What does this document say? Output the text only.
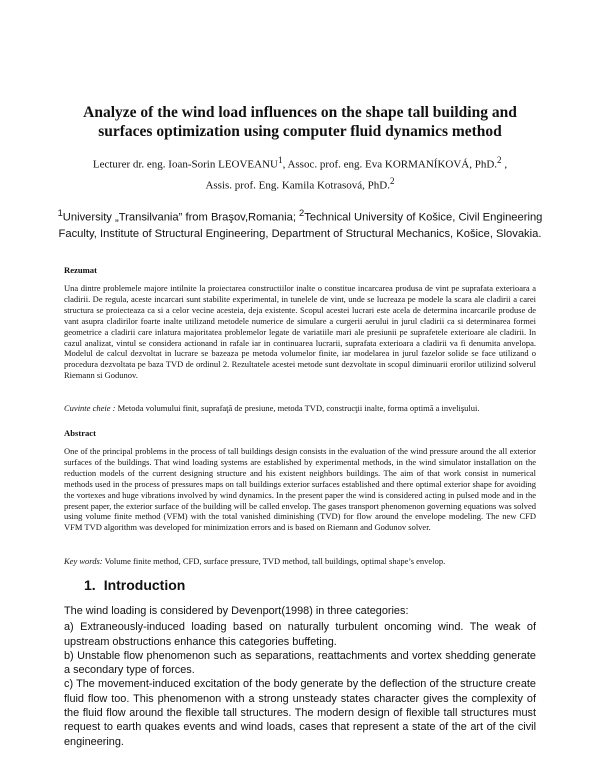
Analyze of the wind load influences on the shape tall building and surfaces optimization using computer fluid dynamics method
Lecturer dr. eng. Ioan-Sorin LEOVEANU$^1$, Assoc. prof. eng. Eva KORMANÍKOVÁ, PhD.$^2$ ,
Assis. prof. Eng. Kamila Kotrasová, PhD.$^2$
$^1$University „Transilvania” from Braşov,Romania; $^2$Technical University of Košice, Civil Engineering Faculty, Institute of Structural Engineering, Department of Structural Mechanics, Košice, Slovakia.
Rezumat

Una dintre problemele majore intilnite la proiectarea constructiilor inalte o constitue incarcarea produsa de vint pe suprafata exterioara a cladirii. De regula, aceste incarcari sunt stabilite experimental, in tunelele de vint, unde se lucreaza pe modele la scara ale cladirii a carei structura se proiecteaza ca si a celor vecine acesteia, deja existente. Scopul acestei lucrari este acela de determina incarcarile produse de vant asupra cladirilor foarte inalte utilizand metodele numerice de simulare a curgerii aerului in jurul cladirii ca si determinarea formei geometrice a cladirii care inlatura majoritatea problemelor legate de variatiile mari ale presiunii pe suprafetele exterioare ale cladirii. In cazul analizat, vintul se considera actionand in rafale iar in continuarea lucrarii, suprafata exterioara a cladirii va fi denumita anvelopa. Modelul de calcul dezvoltat in lucrare se bazeaza pe metoda volumelor finite, iar modelarea in jurul fazelor solide se face utilizand o procedura dezvoltata pe baza TVD de ordinul 2. Rezultatele acestei metode sunt dezvoltate in scopul diminuarii erorilor utilizind solverul Riemann si Godunov.

Cuvinte cheie : Metoda volumului finit, suprafaţă de presiune, metoda TVD, construcţii inalte, forma optimă a invelişului.

Abstract

One of the principal problems in the process of tall buildings design consists in the evaluation of the wind pressure around the all exterior surfaces of the buildings. That wind loading systems are established by experimental methods, in the wind simulator installation on the reduction models of the current designing structure and his existent neighbors buildings. The aim of that work consist in numerical methods used in the process of pressures maps on tall buildings exterior surfaces established and there optimal exterior shape for avoiding the vortexes and huge vibrations involved by wind dynamics. In the present paper the wind is considered acting in pulsed mode and in the present paper, the exterior surface of the building will be called envelop. The gases transport phenomenon governing equations was solved using volume finite method (VFM) with the total vanished diminishing (TVD) for flow around the envelope modeling. The new CFD VFM TVD algorithm was developed for minimization errors and is based on Riemann and Godunov solver.

Key words: Volume finite method, CFD, surface pressure, TVD method, tall buildings, optimal shape’s envelop.

1. Introduction

The wind loading is considered by Devenport(1998) in three categories:

a) Extraneously-induced loading based on naturally turbulent oncoming wind. The weak of upstream obstructions enhance this categories buffeting.

b) Unstable flow phenomenon such as separations, reattachments and vortex shedding generate a secondary type of forces.

c) The movement-induced excitation of the body generate by the deflection of the structure create fluid flow too. This phenomenon with a strong unsteady states character gives the complexity of the fluid flow around the flexible tall structures. The modern design of flexible tall structures must request to earth quakes events and wind loads, cases that represent a state of the art of the civil engineering.
